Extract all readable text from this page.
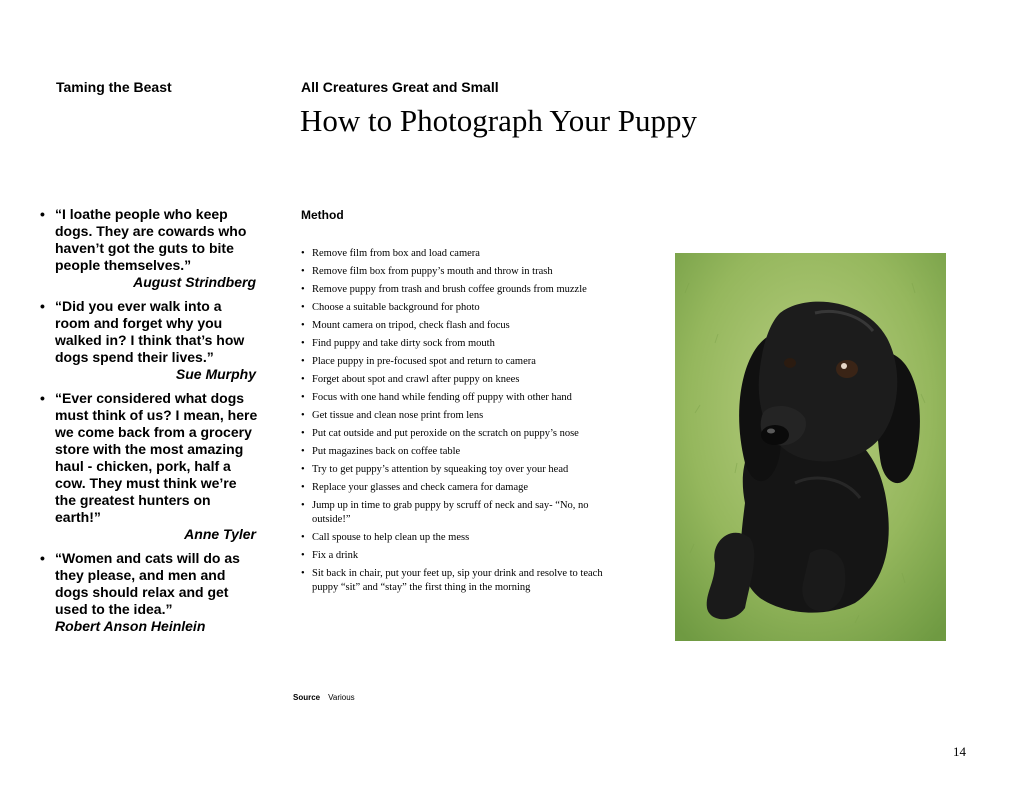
Taming the Beast	All Creatures Great and Small
How to Photograph Your Puppy
Method
• “I loathe people who keep dogs. They are cowards who haven’t got the guts to bite people themselves.”
August Strindberg
• “Did you ever walk into a room and forget why you walked in? I think that’s how dogs spend their lives.”
Sue Murphy
• “Ever considered what dogs must think of us? I mean, here we come back from a grocery store with the most amazing haul - chicken, pork, half a cow. They must think we’re the greatest hunters on earth!”
Anne Tyler
• “Women and cats will do as they please, and men and dogs should relax and get used to the idea.”
Robert Anson Heinlein
• Remove film from box and load camera
• Remove film box from puppy’s mouth and throw in trash
• Remove puppy from trash and brush coffee grounds from muzzle
• Choose a suitable background for photo
• Mount camera on tripod, check flash and focus
• Find puppy and take dirty sock from mouth
• Place puppy in pre-focused spot and return to camera
• Forget about spot and crawl after puppy on knees
• Focus with one hand while fending off puppy with other hand
• Get tissue and clean nose print from lens
• Put cat outside and put peroxide on the scratch on puppy’s nose
• Put magazines back on coffee table
• Try to get puppy’s attention by squeaking toy over your head
• Replace your glasses and check camera for damage
• Jump up in time to grab puppy by scruff of neck and say- “No, no outside!”
• Call spouse to help clean up the mess
• Fix a drink
• Sit back in chair, put your feet up, sip your drink and resolve to teach puppy “sit” and “stay” the first thing in the morning
Source Various
14
